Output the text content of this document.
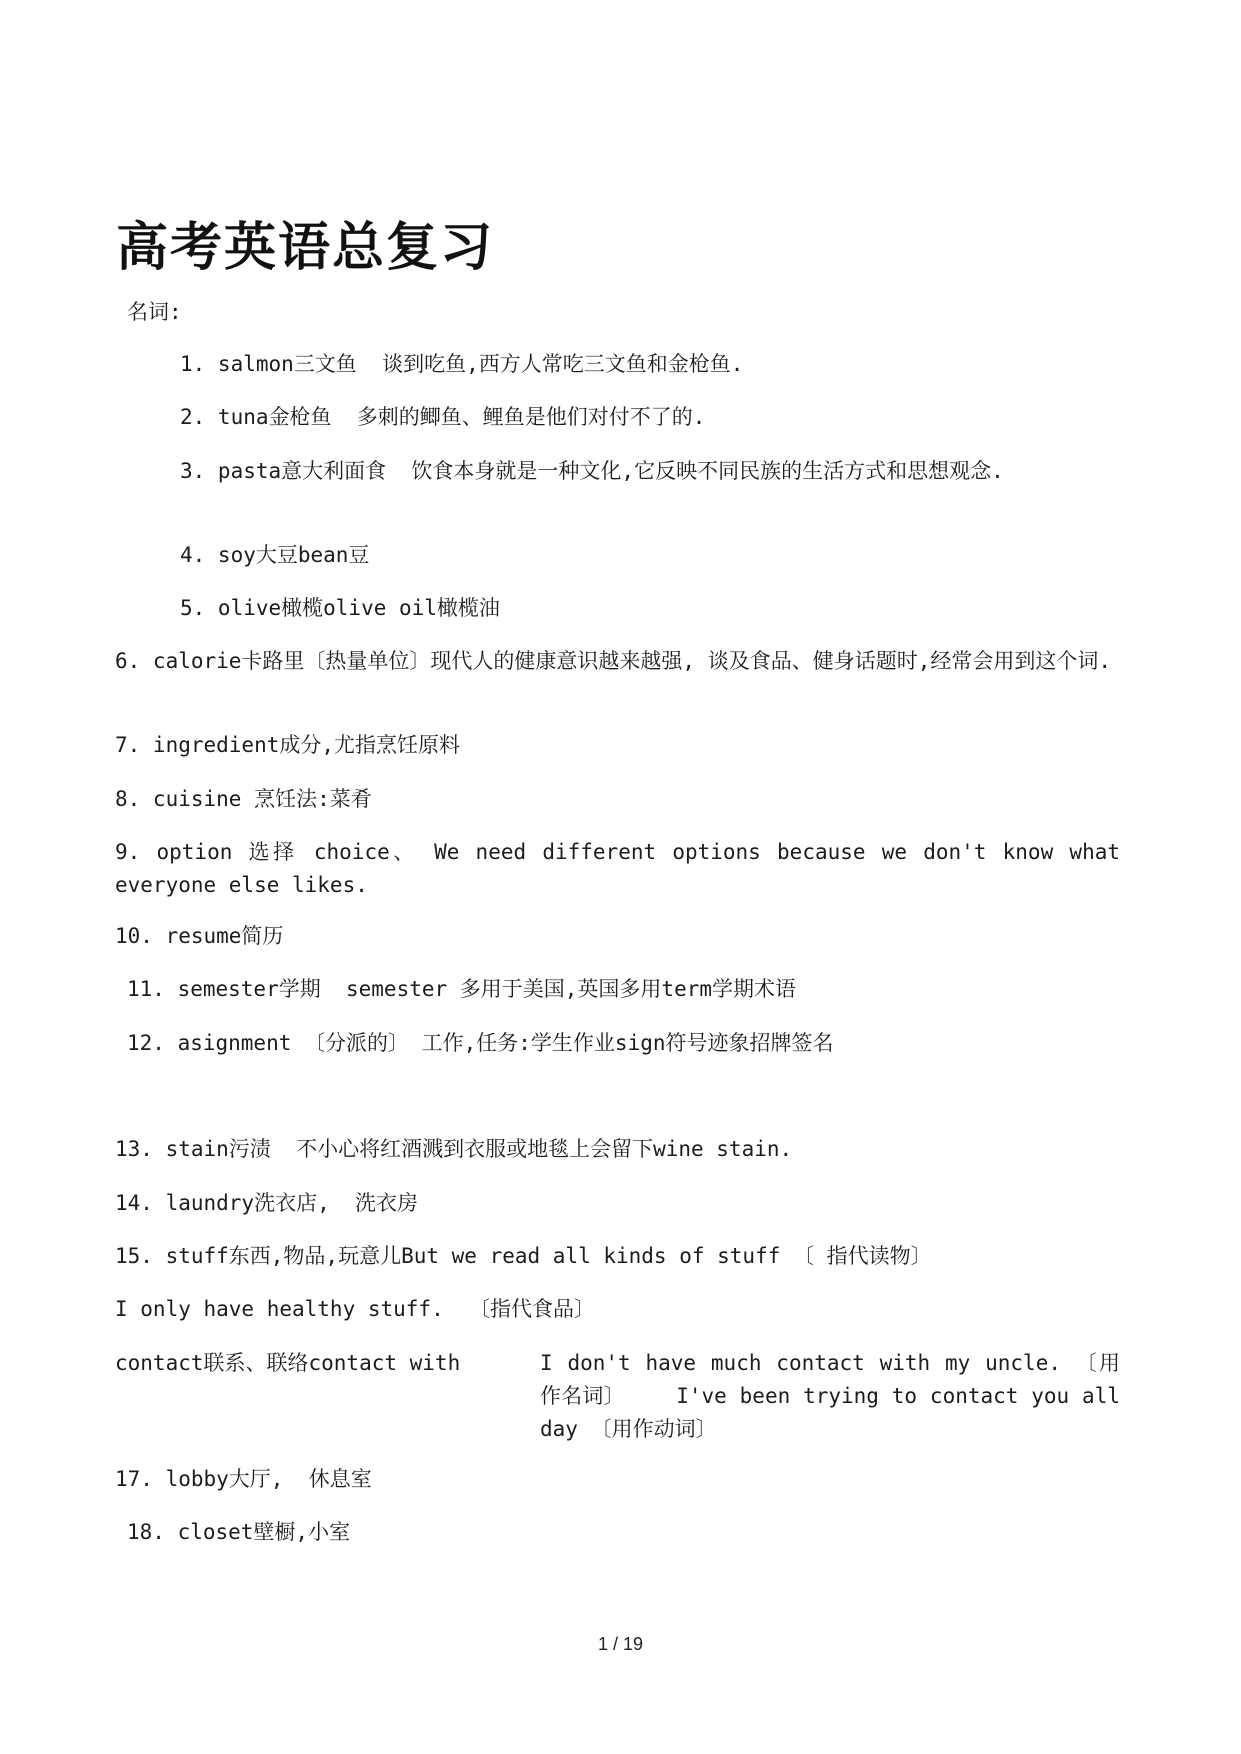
高考英语总复习
名词:
1. salmon三文鱼  谈到吃鱼,西方人常吃三文鱼和金枪鱼.
2. tuna金枪鱼  多刺的鲫鱼、鲤鱼是他们对付不了的.
3. pasta意大利面食  饮食本身就是一种文化,它反映不同民族的生活方式和思想观念.
4. soy大豆bean豆
5. olive橄榄olive oil橄榄油
6. calorie卡路里〔热量单位〕现代人的健康意识越来越强, 谈及食品、健身话题时,经常会用到这个词.
7. ingredient成分,尤指烹饪原料
8. cuisine 烹饪法:菜肴
9. option 选择 choice、 We need different options because we don't know what everyone else likes.
10. resume简历
11. semester学期  semester 多用于美国,英国多用term学期术语
12. asignment 〔分派的〕 工作,任务:学生作业sign符号迹象招牌签名
13. stain污渍  不小心将红酒溅到衣服或地毯上会留下wine stain.
14. laundry洗衣店,  洗衣房
15. stuff东西,物品,玩意儿But we read all kinds of stuff 〔 指代读物〕
I only have healthy stuff.  〔指代食品〕
contact联系、联络contact with	I don't have much contact with my uncle. 〔用作名词〕    I've been trying to contact you all day 〔用作动词〕
17. lobby大厅,  休息室
18. closet壁橱,小室
1 / 19
